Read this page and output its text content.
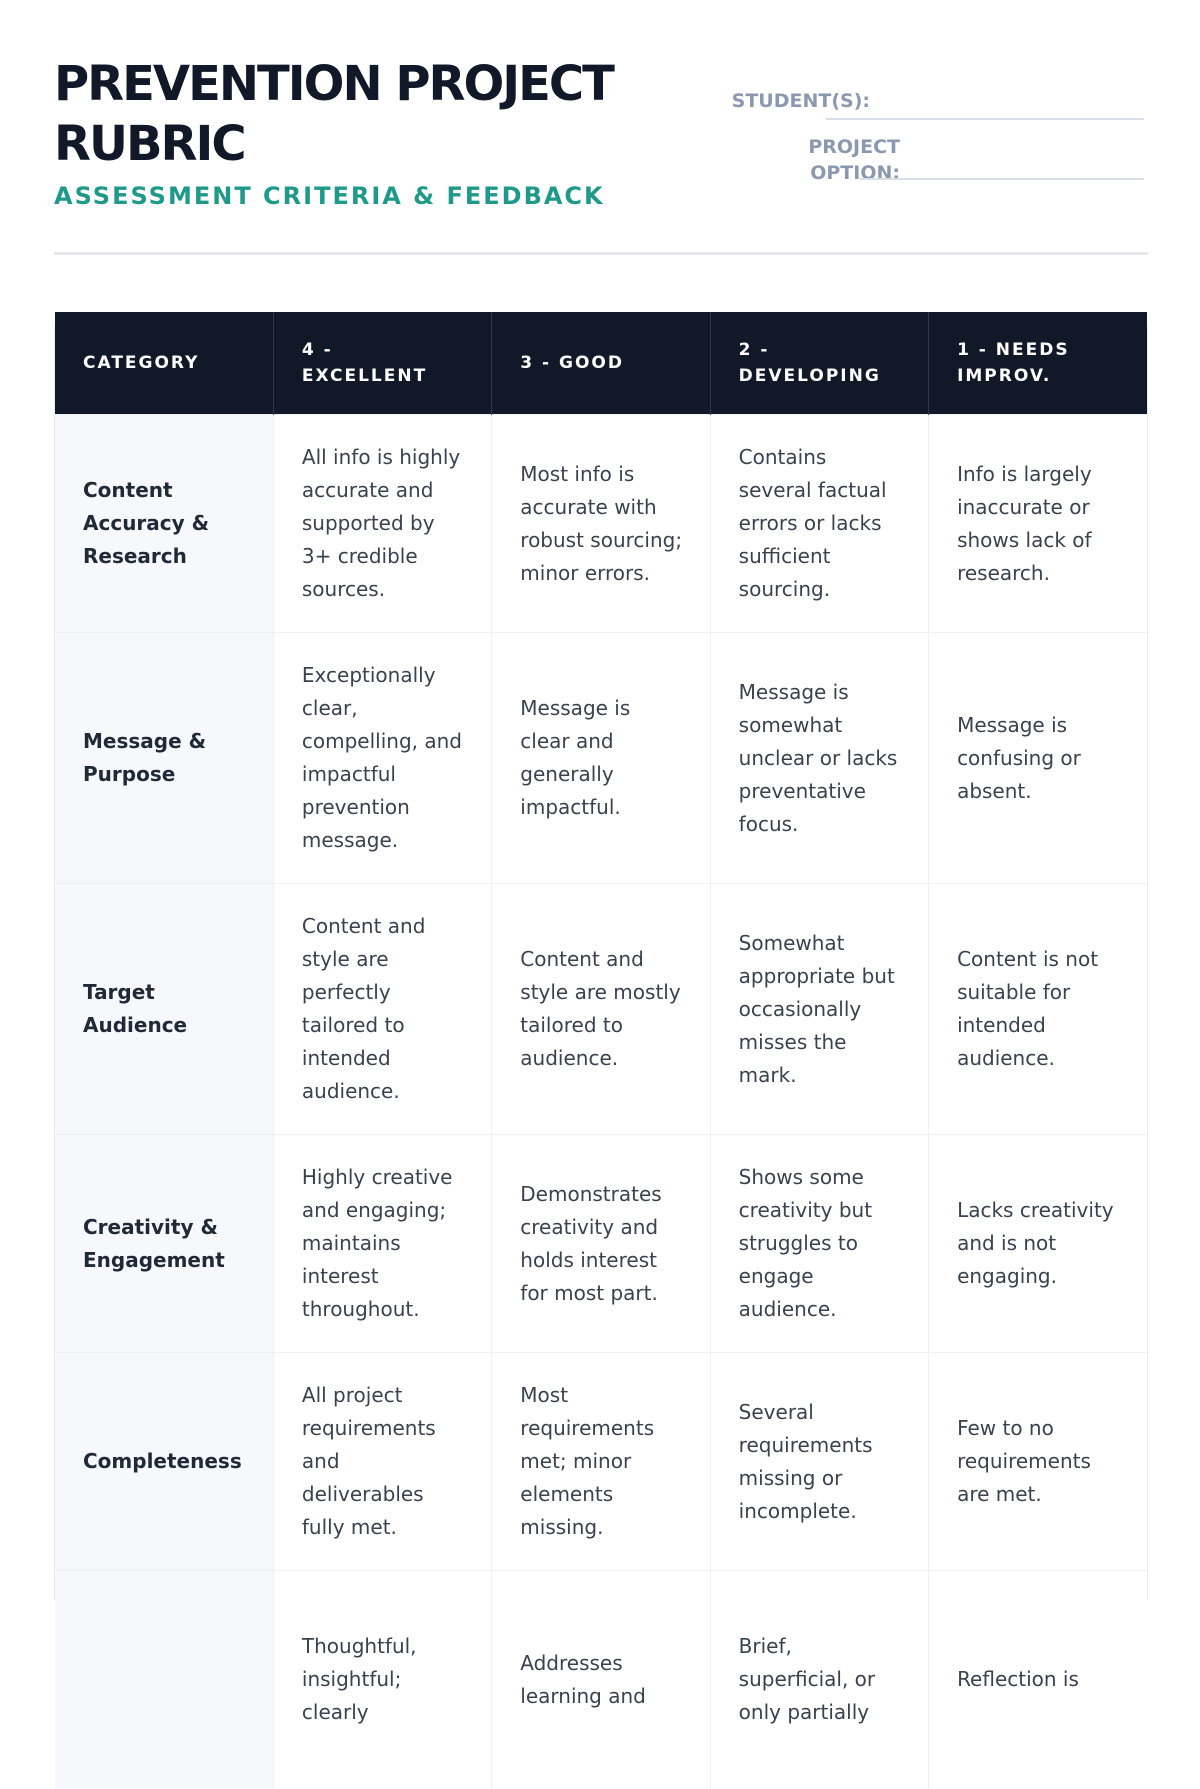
PREVENTION PROJECT RUBRIC
ASSESSMENT CRITERIA & FEEDBACK
STUDENT(S):
PROJECT OPTION:
CATEGORY	4 - EXCELLENT	3 - GOOD	2 - DEVELOPING	1 - NEEDS IMPROV.
Content Accuracy & Research	All info is highly accurate and supported by 3+ credible sources.	Most info is accurate with robust sourcing; minor errors.	Contains several factual errors or lacks sufficient sourcing.	Info is largely inaccurate or shows lack of research.
Message & Purpose	Exceptionally clear, compelling, and impactful prevention message.	Message is clear and generally impactful.	Message is somewhat unclear or lacks preventative focus.	Message is confusing or absent.
Target Audience	Content and style are perfectly tailored to intended audience.	Content and style are mostly tailored to audience.	Somewhat appropriate but occasionally misses the mark.	Content is not suitable for intended audience.
Creativity & Engagement	Highly creative and engaging; maintains interest throughout.	Demonstrates creativity and holds interest for most part.	Shows some creativity but struggles to engage audience.	Lacks creativity and is not engaging.
Completeness	All project requirements and deliverables fully met.	Most requirements met; minor elements missing.	Several requirements missing or incomplete.	Few to no requirements are met.
	Thoughtful, insightful; clearly	Addresses learning and	Brief, superficial, or only partially	Reflection is
